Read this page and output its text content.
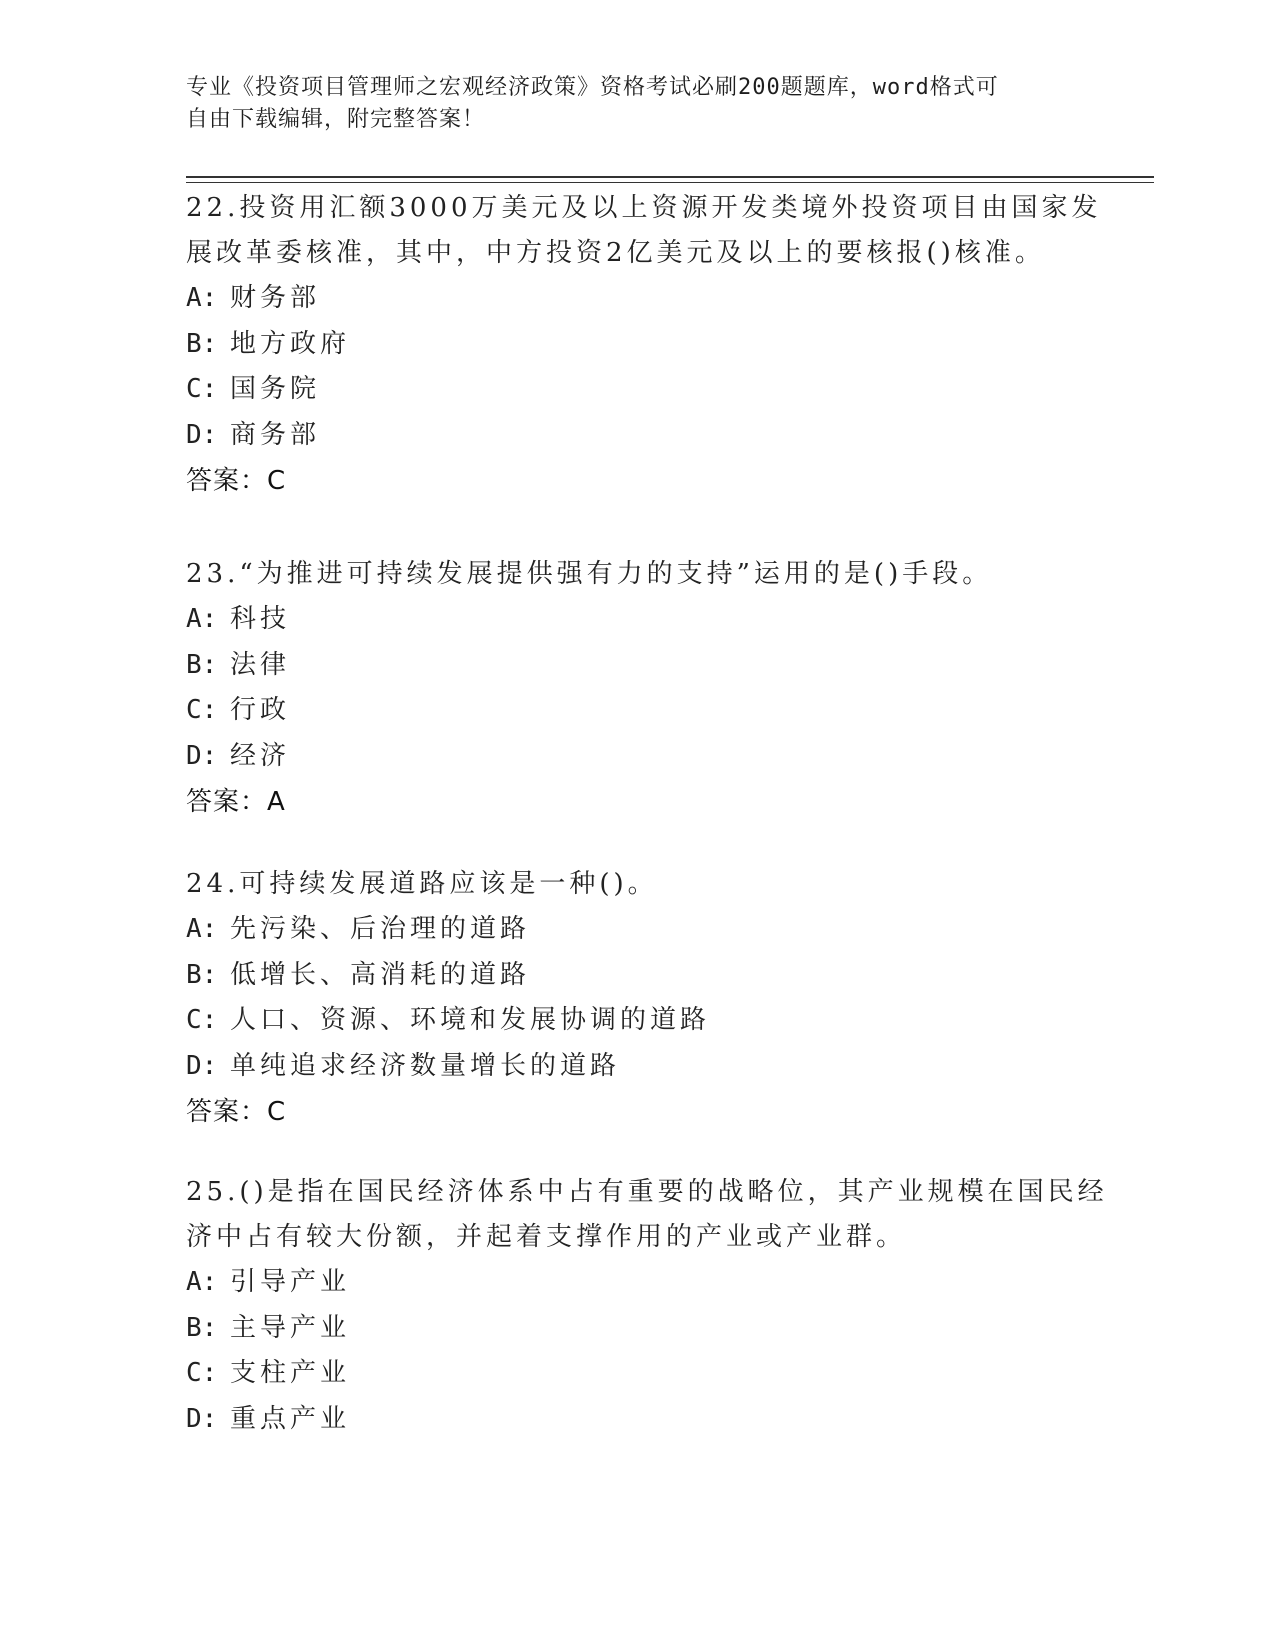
专业《投资项目管理师之宏观经济政策》资格考试必刷200题题库，word格式可
自由下载编辑，附完整答案！
22.投资用汇额3000万美元及以上资源开发类境外投资项目由国家发
展改革委核准，其中，中方投资2亿美元及以上的要核报()核准。
A: 财务部
B: 地方政府
C: 国务院
D: 商务部
答案：C
23.“为推进可持续发展提供强有力的支持”运用的是()手段。
A: 科技
B: 法律
C: 行政
D: 经济
答案：A
24.可持续发展道路应该是一种()。
A: 先污染、后治理的道路
B: 低增长、高消耗的道路
C: 人口、资源、环境和发展协调的道路
D: 单纯追求经济数量增长的道路
答案：C
25.()是指在国民经济体系中占有重要的战略位，其产业规模在国民经
济中占有较大份额，并起着支撑作用的产业或产业群。
A: 引导产业
B: 主导产业
C: 支柱产业
D: 重点产业
